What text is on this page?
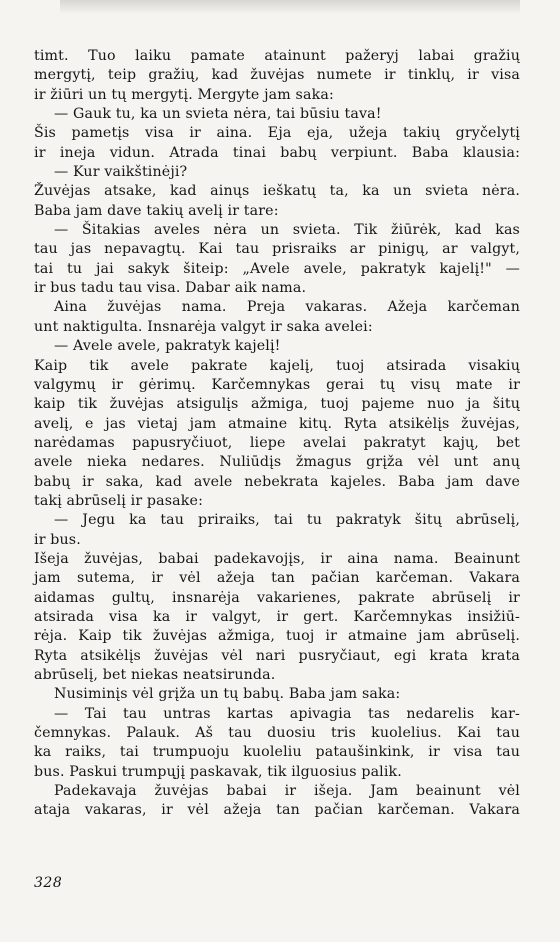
timt. Tuo laiku pamate atainunt pažeryj labai gražių
mergytį, teip gražių, kad žuvėjas numete ir tinklų, ir visa
ir žiūri un tų mergytį. Mergyte jam saka:
— Gauk tu, ka un svieta nėra, tai būsiu tava!
Šis pametįs visa ir aina. Eja eja, užeja takių gryčelytį
ir ineja vidun. Atrada tinai babų verpiunt. Baba klausia:
— Kur vaikštinėji?
Žuvėjas atsake, kad ainųs ieškatų ta, ka un svieta nėra.
Baba jam dave takių avelį ir tare:
— Šitakias aveles nėra un svieta. Tik žiūrėk, kad kas
tau jas nepavagtų. Kai tau prisraiks ar pinigų, ar valgyt,
tai tu jai sakyk šiteip: „Avele avele, pakratyk kajelį!" —
ir bus tadu tau visa. Dabar aik nama.
Aina žuvėjas nama. Preja vakaras. Ažeja karčeman
unt naktigulta. Insnarėja valgyt ir saka avelei:
— Avele avele, pakratyk kajelį!
Kaip tik avele pakrate kajelį, tuoj atsirada visakių
valgymų ir gėrimų. Karčemnykas gerai tų visų mate ir
kaip tik žuvėjas atsigulįs ažmiga, tuoj pajeme nuo ja šitų
avelį, e jas vietaj jam atmaine kitų. Ryta atsikėlįs žuvėjas,
narėdamas papusryčiuot, liepe avelai pakratyt kajų, bet
avele nieka nedares. Nuliūdįs žmagus grįža vėl unt anų
babų ir saka, kad avele nebekrata kajeles. Baba jam dave
takį abrūselį ir pasake:
— Jegu ka tau priraiks, tai tu pakratyk šitų abrūselį,
ir bus.
Išeja žuvėjas, babai padekavojįs, ir aina nama. Beainunt
jam sutema, ir vėl ažeja tan pačian karčeman. Vakara
aidamas gultų, insnarėja vakarienes, pakrate abrūselį ir
atsirada visa ka ir valgyt, ir gert. Karčemnykas insižiū-
rėja. Kaip tik žuvėjas ažmiga, tuoj ir atmaine jam abrūselį.
Ryta atsikėlįs žuvėjas vėl nari pusryčiaut, egi krata krata
abrūselį, bet niekas neatsirunda.
Nusiminįs vėl grįža un tų babų. Baba jam saka:
— Tai tau untras kartas apivagia tas nedarelis kar-
čemnykas. Palauk. Aš tau duosiu tris kuolelius. Kai tau
ka raiks, tai trumpuoju kuoleliu pataušinkink, ir visa tau
bus. Paskui trumpųjį paskavak, tik ilguosius palik.
Padekavaja žuvėjas babai ir išeja. Jam beainunt vėl
ataja vakaras, ir vėl ažeja tan pačian karčeman. Vakara
328
